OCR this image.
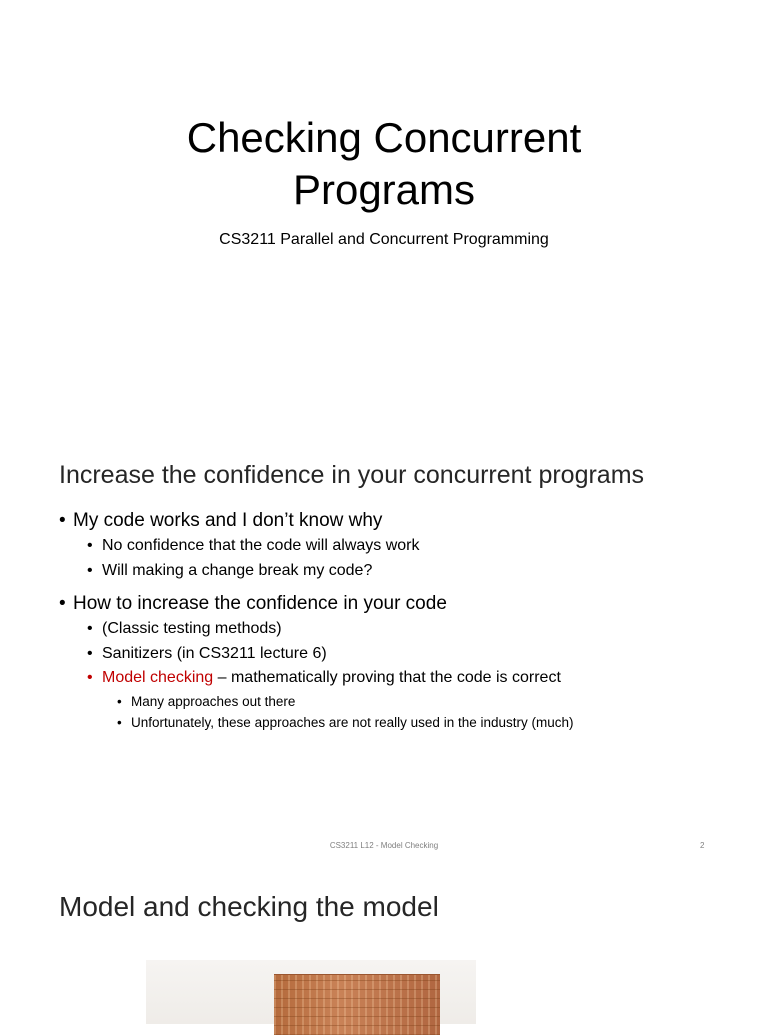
Checking Concurrent
Programs

CS3211 Parallel and Concurrent Programming

Increase the confidence in your concurrent programs
• My code works and I don’t know why
• No confidence that the code will always work
• Will making a change break my code?
• How to increase the confidence in your code
• (Classic testing methods)
• Sanitizers (in CS3211 lecture 6)
• Model checking – mathematically proving that the code is correct
• Many approaches out there
• Unfortunately, these approaches are not really used in the industry (much)
CS3211 L12 - Model Checking	2
Model and checking the model
